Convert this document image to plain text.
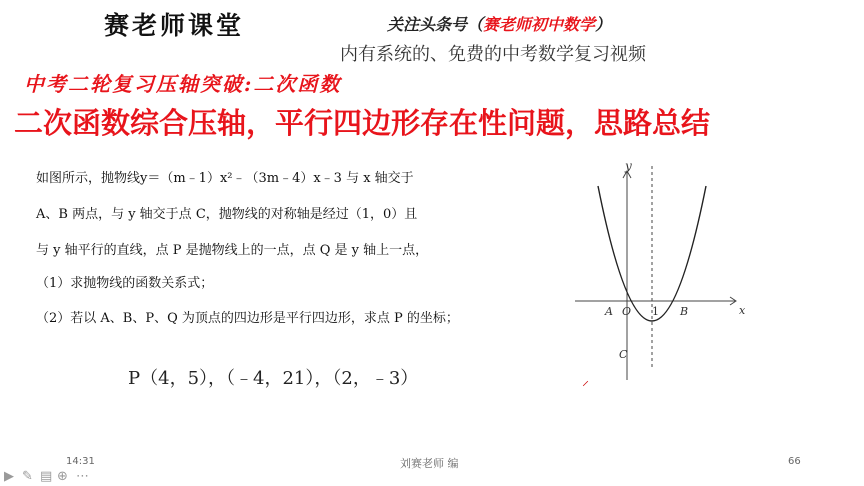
赛老师课堂	关注头条号（赛老师初中数学）
内有系统的、免费的中考数学复习视频
中考二轮复习压轴突破:二次函数
二次函数综合压轴，平行四边形存在性问题，思路总结
如图所示，抛物线y＝（m﹣1）x²﹣（3m﹣4）x﹣3 与 x 轴交于
A、B 两点，与 y 轴交于点 C，抛物线的对称轴是经过（1，0）且
与 y 轴平行的直线，点 P 是抛物线上的一点，点 Q 是 y 轴上一点，
（1）求抛物线的函数关系式；
（2）若以 A、B、P、Q 为顶点的四边形是平行四边形，求点 P 的坐标；
P（4，5），（﹣4，21），（2，﹣3）
y
x
A O 1 B
C
⸝
14:31	刘赛老师 编	66
▶ ✎ ▤ ⊕ ⋯
